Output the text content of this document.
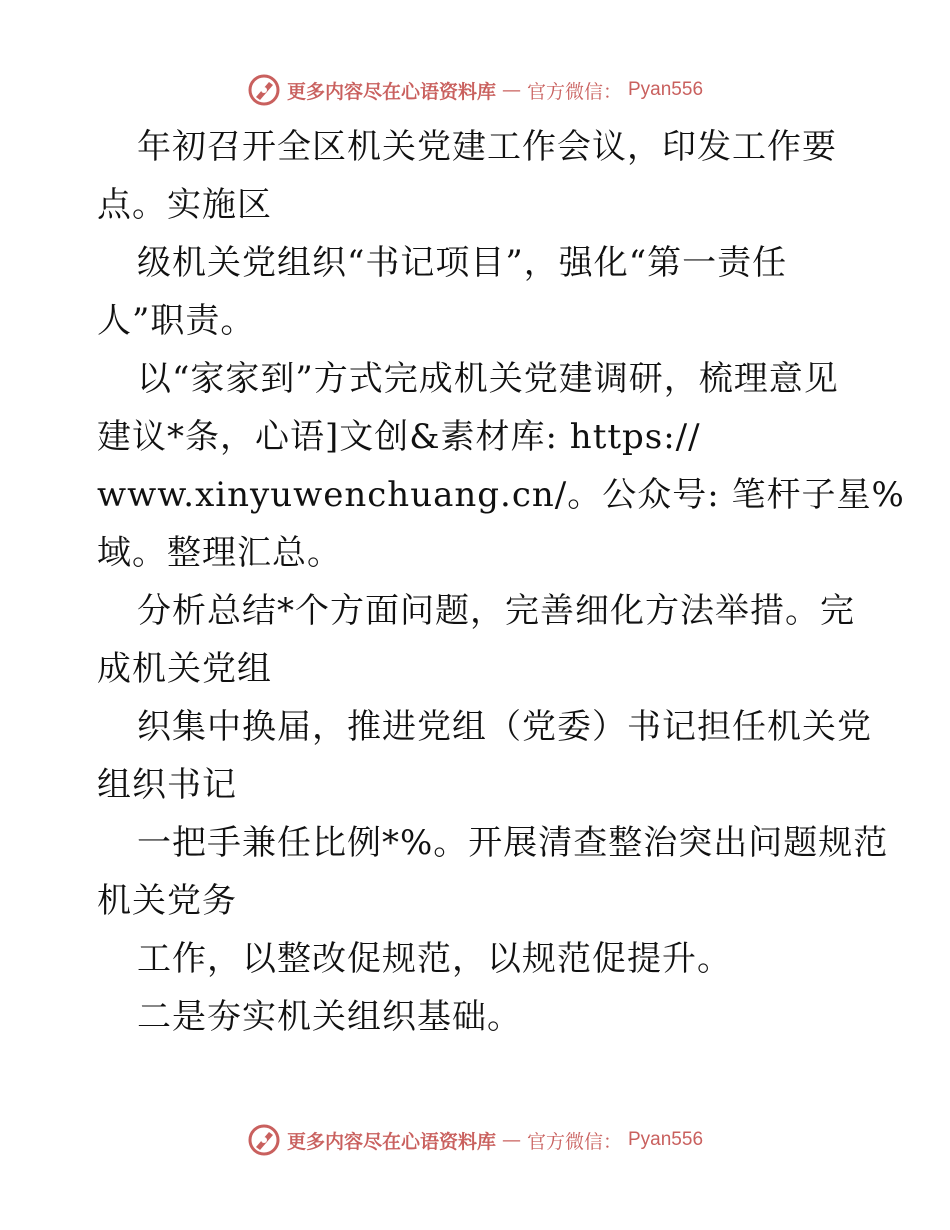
更多内容尽在心语资料库 — 官方微信： Pyan556
年初召开全区机关党建工作会议，印发工作要
点。实施区
级机关党组织“书记项目”，强化“第一责任
人”职责。
以“家家到”方式完成机关党建调研，梳理意见
建议*条，心语]文创&素材库: https://
www.xinyuwenchuang.cn/。公众号: 笔杆子星%
域。整理汇总。
分析总结*个方面问题，完善细化方法举措。完
成机关党组
织集中换届，推进党组（党委）书记担任机关党
组织书记
一把手兼任比例*%。开展清查整治突出问题规范
机关党务
工作，以整改促规范，以规范促提升。
二是夯实机关组织基础。
更多内容尽在心语资料库 — 官方微信： Pyan556
